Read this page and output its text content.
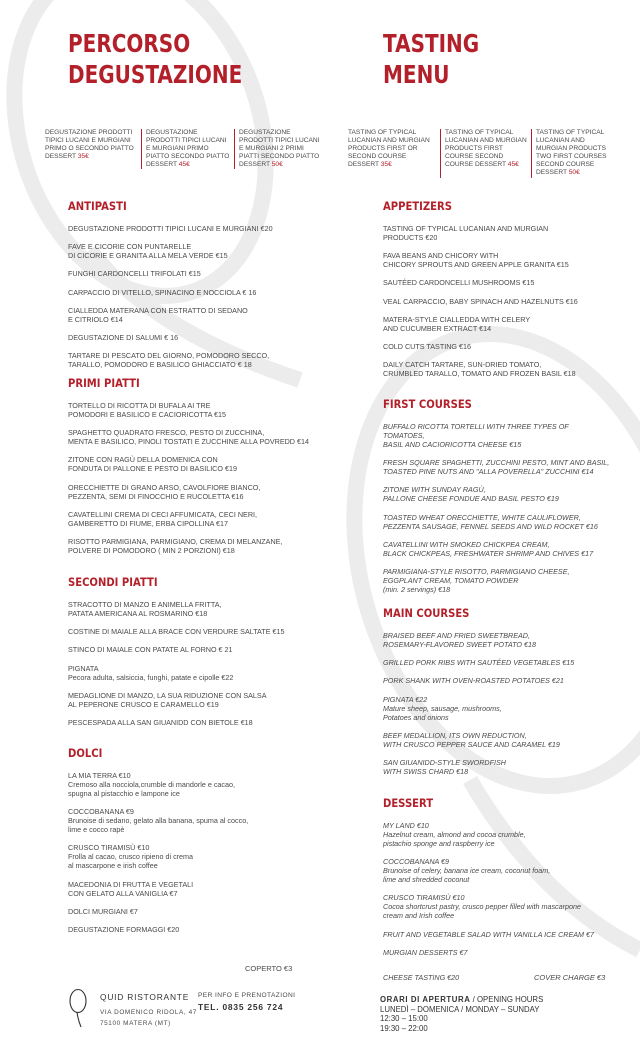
PERCORSO
DEGUSTAZIONE
DEGUSTAZIONE PRODOTTI TIPICI LUCANI E MURGIANI PRIMO O SECONDO PIATTO DESSERT 35€
DEGUSTAZIONE PRODOTTI TIPICI LUCANI E MURGIANI PRIMO PIATTO SECONDO PIATTO DESSERT 45€
DEGUSTAZIONE PRODOTTI TIPICI LUCANI E MURGIANI 2 PRIMI PIATTI SECONDO PIATTO DESSERT 50€
ANTIPASTI
DEGUSTAZIONE PRODOTTI TIPICI LUCANI E MURGIANI €20
FAVE E CICORIE CON PUNTARELLE
DI CICORIE E GRANITA ALLA MELA VERDE €15
FUNGHI CARDONCELLI TRIFOLATI €15
CARPACCIO DI VITELLO, SPINACINO E NOCCIOLA € 16
CIALLEDDA MATERANA CON ESTRATTO DI SEDANO
E CITRIOLO €14
DEGUSTAZIONE DI SALUMI € 16
TARTARE DI PESCATO DEL GIORNO, POMODORO SECCO,
TARALLO, POMODORO E BASILICO GHIACCIATO € 18
PRIMI PIATTI
TORTELLO DI RICOTTA DI BUFALA AI TRE
POMODORI E BASILICO E CACIORICOTTA €15
SPAGHETTO QUADRATO FRESCO, PESTO DI ZUCCHINA,
MENTA E BASILICO, PINOLI TOSTATI E ZUCCHINE ALLA POVREDD €14
ZITONE CON RAGÙ DELLA DOMENICA CON
FONDUTA DI PALLONE E PESTO DI BASILICO €19
ORECCHIETTE DI GRANO ARSO, CAVOLFIORE BIANCO,
PEZZENTA, SEMI DI FINOCCHIO E RUCOLETTA €16
CAVATELLINI CREMA DI CECI AFFUMICATA, CECI NERI,
GAMBERETTO DI FIUME, ERBA CIPOLLINA €17
RISOTTO PARMIGIANA, PARMIGIANO, CREMA DI MELANZANE,
POLVERE DI POMODORO ( MIN 2 PORZIONI) €18
SECONDI PIATTI
STRACOTTO DI MANZO E ANIMELLA FRITTA,
PATATA AMERICANA AL ROSMARINO €18
COSTINE DI MAIALE ALLA BRACE CON VERDURE SALTATE €15
STINCO DI MAIALE CON PATATE AL FORNO € 21
PIGNATA
Pecora adulta, salsiccia, funghi, patate e cipolle €22
MEDAGLIONE DI MANZO, LA SUA RIDUZIONE CON SALSA
AL PEPERONE CRUSCO E CARAMELLO €19
PESCESPADA ALLA SAN GIUANIDD CON BIETOLE €18
DOLCI
LA MIA TERRA €10
Cremoso alla nocciola,crumble di mandorle e cacao,
spugna al pistacchio e lampone ice
COCCOBANANA €9
Brunoise di sedano, gelato alla banana, spuma al cocco,
lime e cocco rapè
CRUSCO TIRAMISÙ €10
Frolla al cacao, crusco ripieno di crema
al mascarpone e irish coffee
MACEDONIA DI FRUTTA E VEGETALI
CON GELATO ALLA VANIGLIA €7
DOLCI MURGIANI €7
DEGUSTAZIONE FORMAGGI €20
COPERTO €3
TASTING
MENU
TASTING OF TYPICAL LUCANIAN AND MURGIAN PRODUCTS FIRST OR SECOND COURSE DESSERT 35€
TASTING OF TYPICAL LUCANIAN AND MURGIAN PRODUCTS FIRST COURSE SECOND COURSE DESSERT 45€
TASTING OF TYPICAL LUCANIAN AND MURGIAN PRODUCTS TWO FIRST COURSES SECOND COURSE DESSERT 50€
APPETIZERS
TASTING OF TYPICAL LUCANIAN AND MURGIAN
PRODUCTS €20
FAVA BEANS AND CHICORY WITH
CHICORY SPROUTS AND GREEN APPLE GRANITA €15
SAUTÉED CARDONCELLI MUSHROOMS €15
VEAL CARPACCIO, BABY SPINACH AND HAZELNUTS €16
MATERA-STYLE CIALLEDDA WITH CELERY
AND CUCUMBER EXTRACT €14
COLD CUTS TASTING €16
DAILY CATCH TARTARE, SUN-DRIED TOMATO,
CRUMBLED TARALLO, TOMATO AND FROZEN BASIL €18
FIRST COURSES
BUFFALO RICOTTA TORTELLI WITH THREE TYPES OF TOMATOES,
BASIL AND CACIORICOTTA CHEESE €15
FRESH SQUARE SPAGHETTI, ZUCCHINI PESTO, MINT AND BASIL,
TOASTED PINE NUTS AND "ALLA POVERELLA" ZUCCHINI €14
ZITONE WITH SUNDAY RAGÙ,
PALLONE CHEESE FONDUE AND BASIL PESTO €19
TOASTED WHEAT ORECCHIETTE, WHITE CAULIFLOWER,
PEZZENTA SAUSAGE, FENNEL SEEDS AND WILD ROCKET €16
CAVATELLINI WITH SMOKED CHICKPEA CREAM,
BLACK CHICKPEAS, FRESHWATER SHRIMP AND CHIVES €17
PARMIGIANA-STYLE RISOTTO, PARMIGIANO CHEESE,
EGGPLANT CREAM, TOMATO POWDER
(min. 2 servings) €18
MAIN COURSES
BRAISED BEEF AND FRIED SWEETBREAD,
ROSEMARY-FLAVORED SWEET POTATO €18
GRILLED PORK RIBS WITH SAUTÉED VEGETABLES €15
PORK SHANK WITH OVEN-ROASTED POTATOES €21
PIGNATA €22
Mature sheep, sausage, mushrooms,
Potatoes and onions
BEEF MEDALLION, ITS OWN REDUCTION,
WITH CRUSCO PEPPER SAUCE AND CARAMEL €19
SAN GIUANIDD-STYLE SWORDFISH
WITH SWISS CHARD €18
DESSERT
MY LAND €10
Hazelnut cream, almond and cocoa crumble,
pistachio sponge and raspberry ice
COCCOBANANA €9
Brunoise of celery, banana ice cream, coconut foam,
lime and shredded coconut
CRUSCO TIRAMISÙ €10
Cocoa shortcrust pastry, crusco pepper filled with mascarpone
cream and Irish coffee
FRUIT AND VEGETABLE SALAD WITH VANILLA ICE CREAM €7
MURGIAN DESSERTS €7
CHEESE TASTING €20	COVER CHARGE €3
QUID RISTORANTE
VIA DOMENICO RIDOLA, 47
75100 MATERA (MT)
PER INFO E PRENOTAZIONI
TEL. 0835 256 724
ORARI DI APERTURA / OPENING HOURS
LUNEDÌ – DOMENICA / MONDAY – SUNDAY
12:30 – 15:00
19:30 – 22:00
